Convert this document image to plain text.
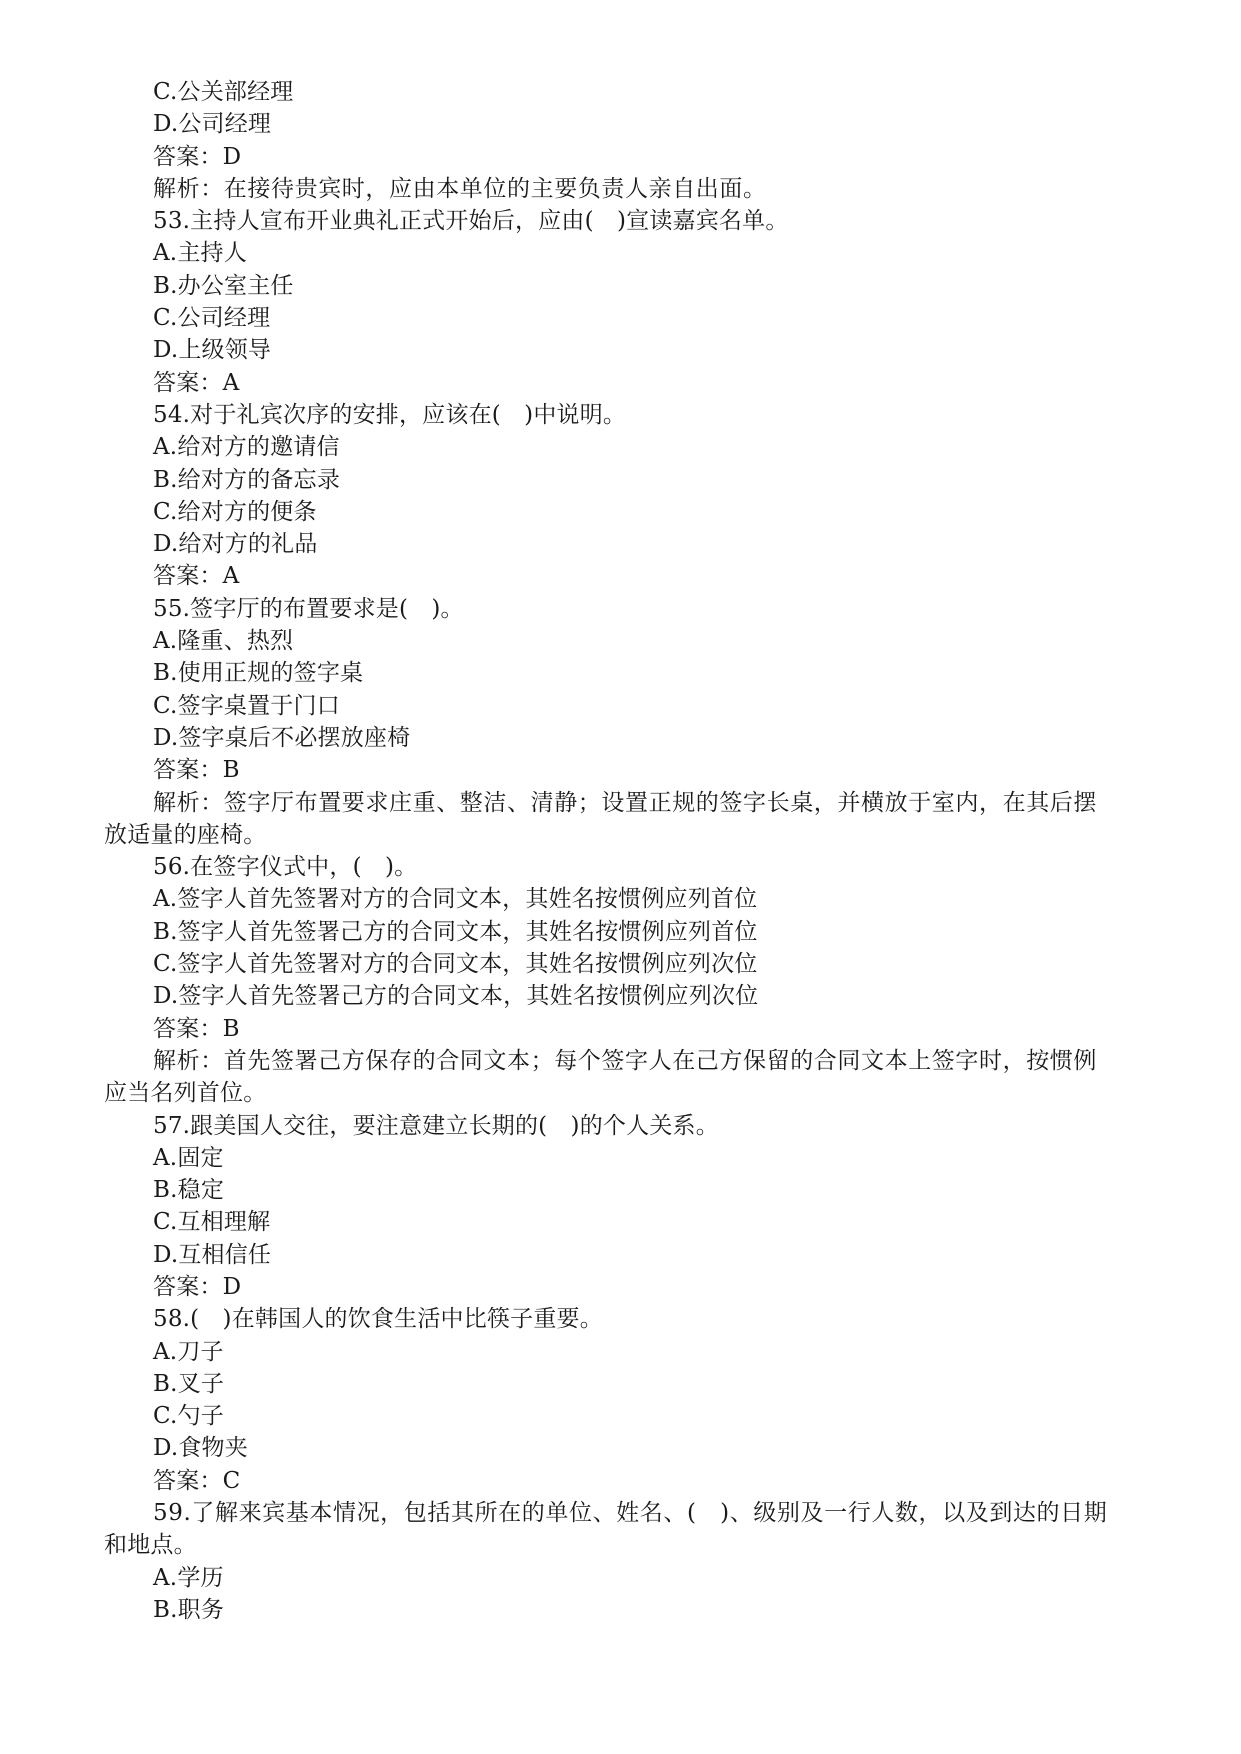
C.公关部经理
D.公司经理
答案：D
解析：在接待贵宾时，应由本单位的主要负责人亲自出面。
53.主持人宣布开业典礼正式开始后，应由(　)宣读嘉宾名单。
A.主持人
B.办公室主任
C.公司经理
D.上级领导
答案：A
54.对于礼宾次序的安排，应该在(　)中说明。
A.给对方的邀请信
B.给对方的备忘录
C.给对方的便条
D.给对方的礼品
答案：A
55.签字厅的布置要求是(　)。
A.隆重、热烈
B.使用正规的签字桌
C.签字桌置于门口
D.签字桌后不必摆放座椅
答案：B
解析：签字厅布置要求庄重、整洁、清静；设置正规的签字长桌，并横放于室内，在其后摆
放适量的座椅。
56.在签字仪式中，(　)。
A.签字人首先签署对方的合同文本，其姓名按惯例应列首位
B.签字人首先签署己方的合同文本，其姓名按惯例应列首位
C.签字人首先签署对方的合同文本，其姓名按惯例应列次位
D.签字人首先签署己方的合同文本，其姓名按惯例应列次位
答案：B
解析：首先签署己方保存的合同文本；每个签字人在己方保留的合同文本上签字时，按惯例
应当名列首位。
57.跟美国人交往，要注意建立长期的(　)的个人关系。
A.固定
B.稳定
C.互相理解
D.互相信任
答案：D
58.(　)在韩国人的饮食生活中比筷子重要。
A.刀子
B.叉子
C.勺子
D.食物夹
答案：C
59.了解来宾基本情况，包括其所在的单位、姓名、(　)、级别及一行人数，以及到达的日期
和地点。
A.学历
B.职务
